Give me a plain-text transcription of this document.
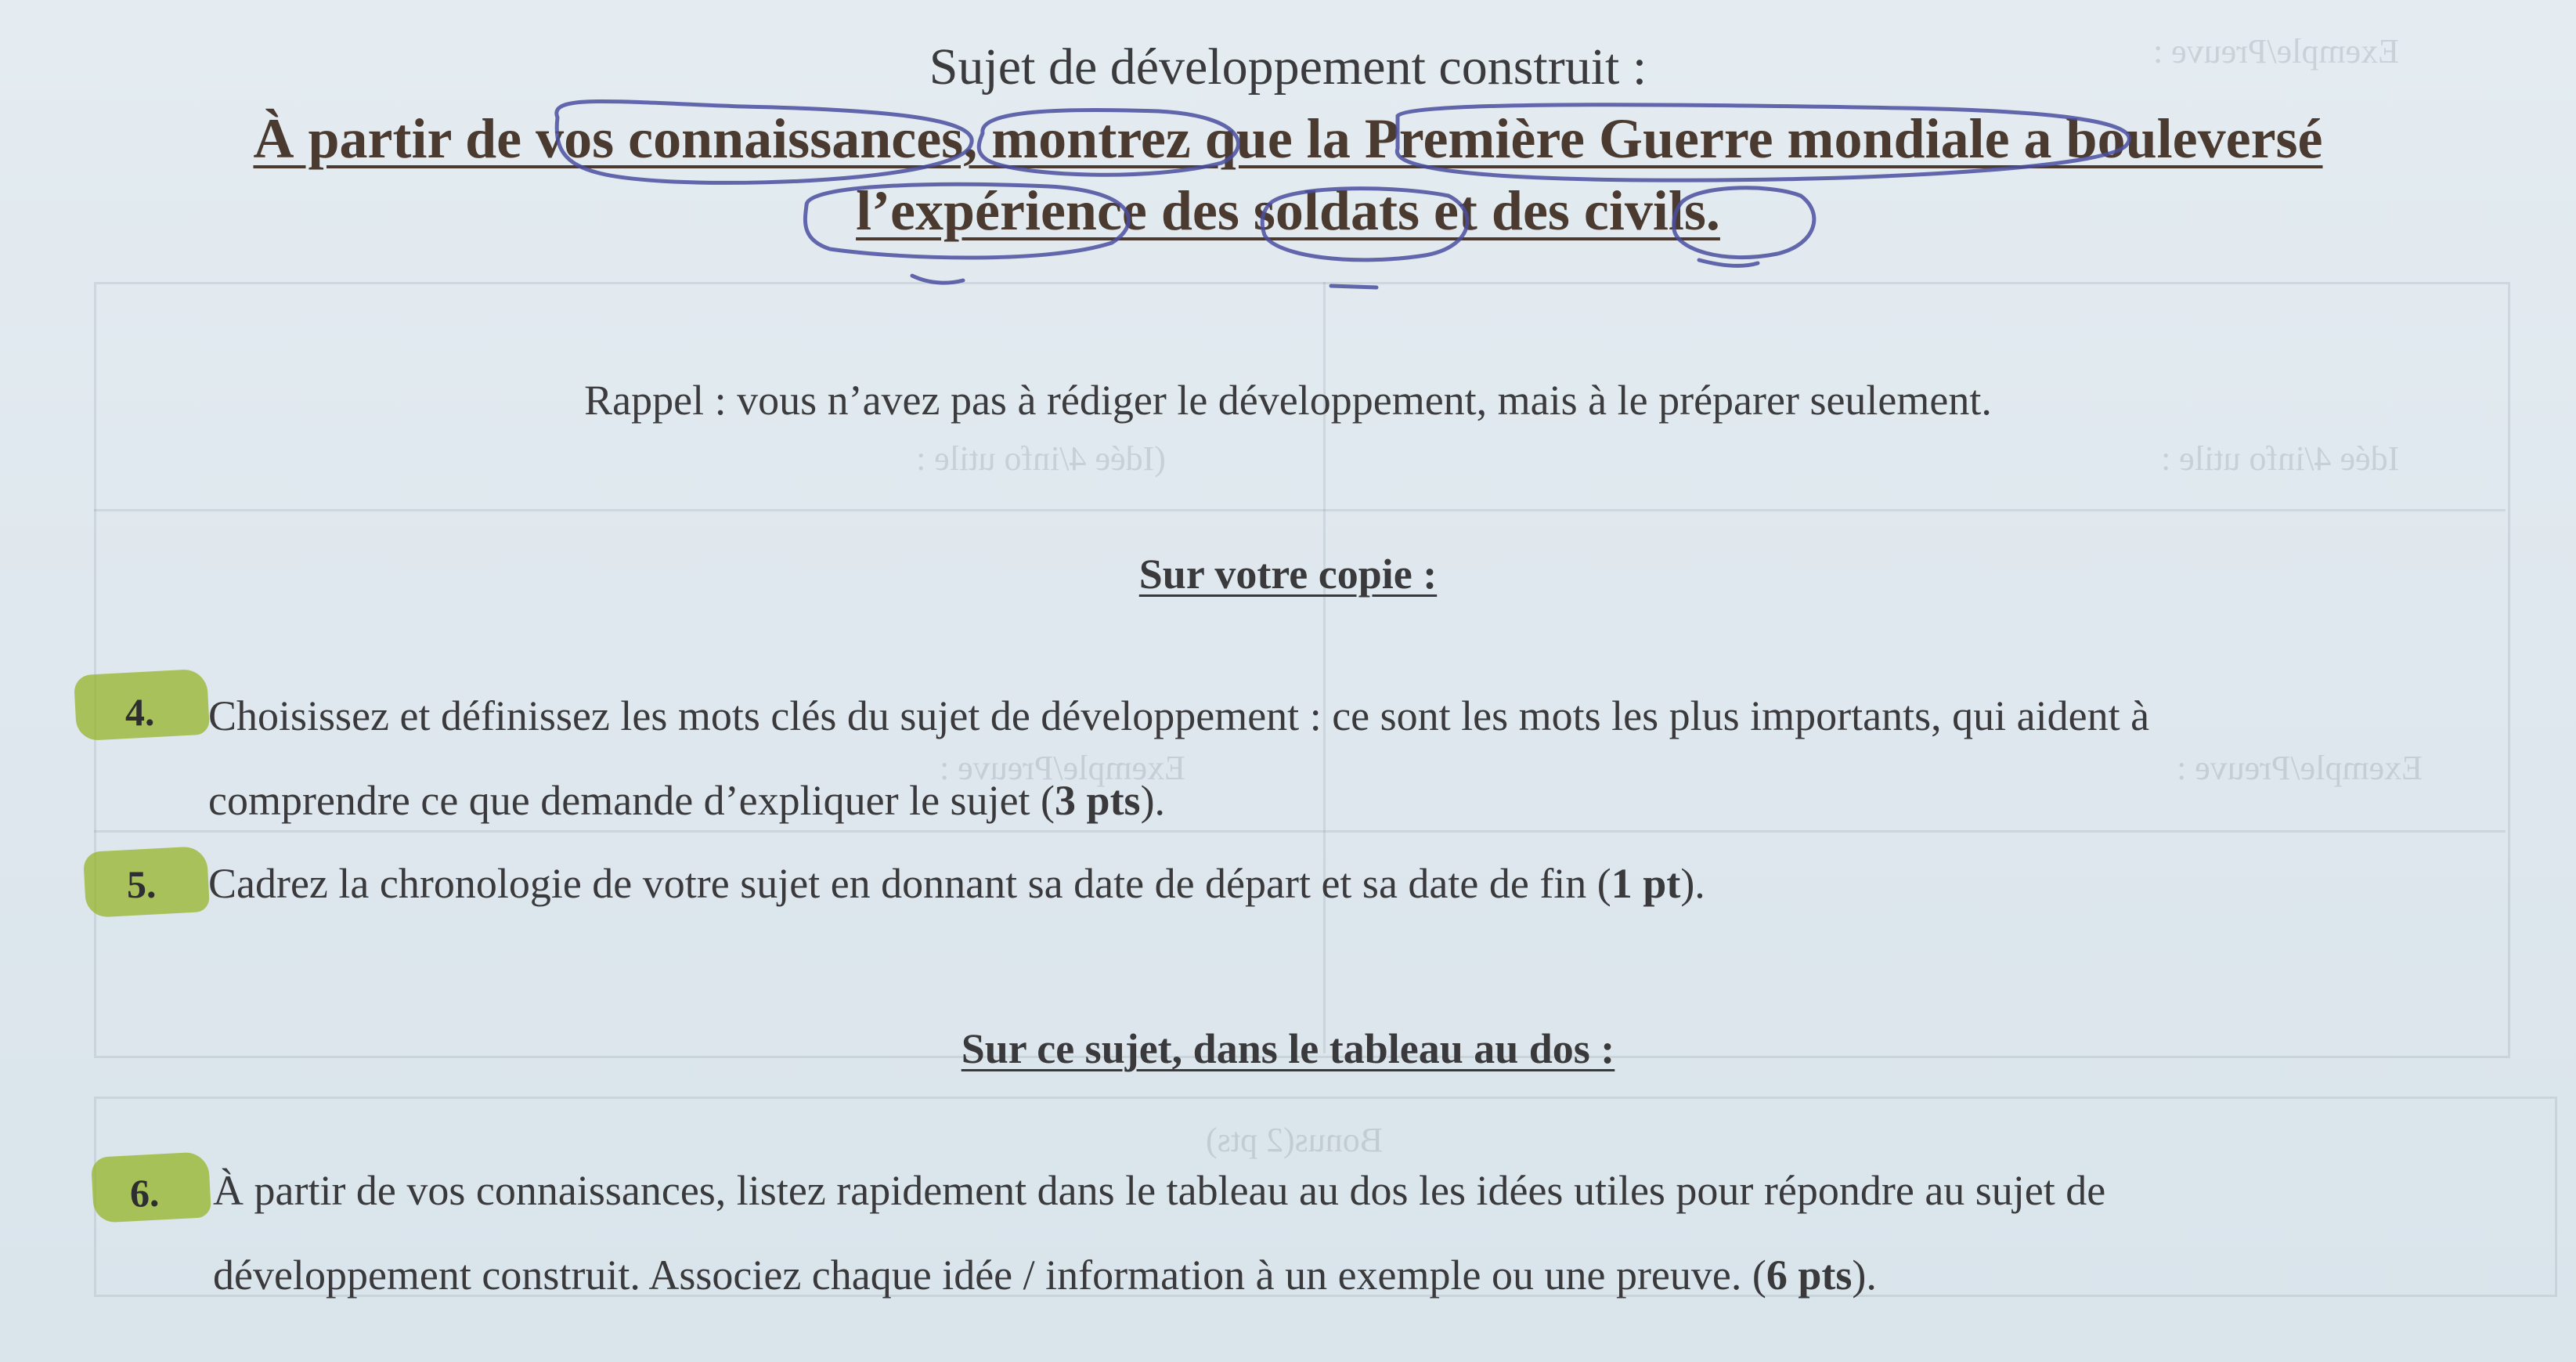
Exemple/Preuve :
(Idée 4/info utile :	Idée 4/info utile :
Exemple/Preuve :	Exemple/Preuve :
Bonus(2 pts)
Sujet de développement construit :
À partir de vos connaissances, montrez que la Première Guerre mondiale a bouleversé
l’expérience des soldats et des civils.
Rappel : vous n’avez pas à rédiger le développement, mais à le préparer seulement.
Sur votre copie :
4. Choisissez et définissez les mots clés du sujet de développement : ce sont les mots les plus importants, qui aident à
comprendre ce que demande d’expliquer le sujet (3 pts).
5. Cadrez la chronologie de votre sujet en donnant sa date de départ et sa date de fin (1 pt).
Sur ce sujet, dans le tableau au dos :
6. À partir de vos connaissances, listez rapidement dans le tableau au dos les idées utiles pour répondre au sujet de
développement construit. Associez chaque idée / information à un exemple ou une preuve. (6 pts).
